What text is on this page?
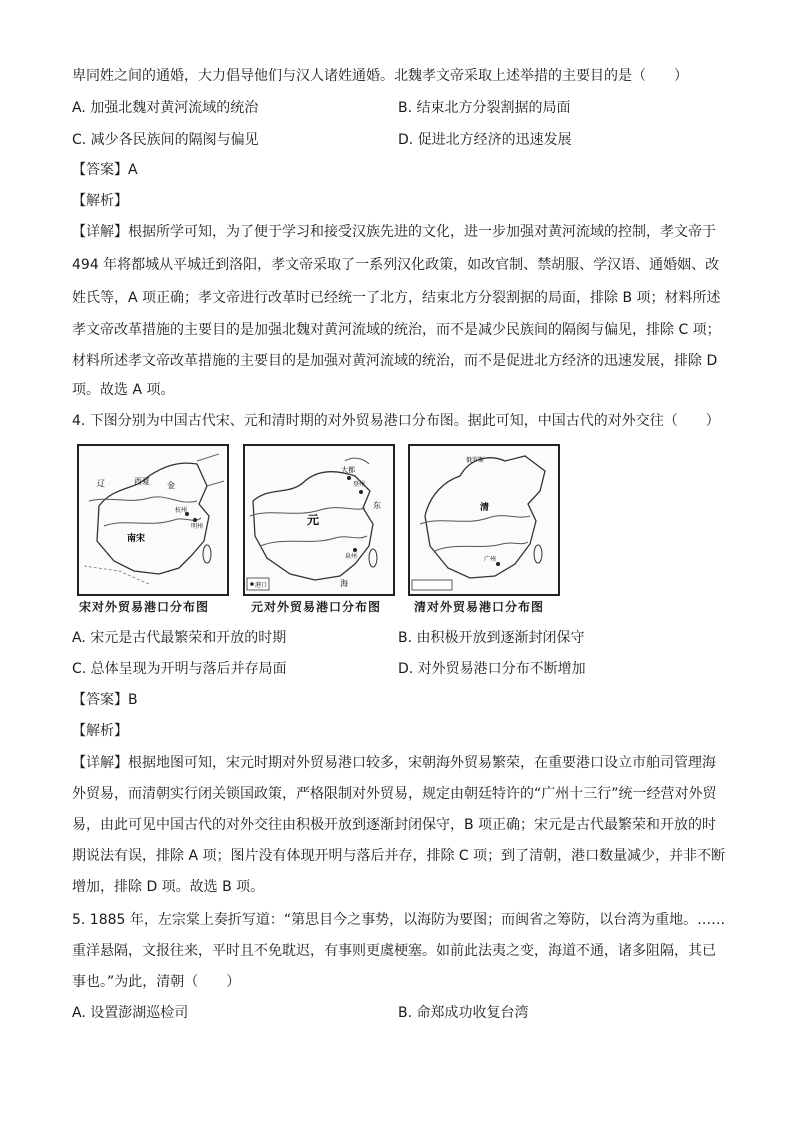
卑同姓之间的通婚，大力倡导他们与汉人诸姓通婚。北魏孝文帝采取上述举措的主要目的是（　　）
A. 加强北魏对黄河流域的统治	B. 结束北方分裂割据的局面
C. 减少各民族间的隔阂与偏见	D. 促进北方经济的迅速发展
【答案】A
【解析】
【详解】根据所学可知，为了便于学习和接受汉族先进的文化，进一步加强对黄河流域的控制，孝文帝于
494 年将都城从平城迁到洛阳，孝文帝采取了一系列汉化政策，如改官制、禁胡服、学汉语、通婚姻、改
姓氏等，A 项正确；孝文帝进行改革时已经统一了北方，结束北方分裂割据的局面，排除 B 项；材料所述
孝文帝改革措施的主要目的是加强北魏对黄河流域的统治，而不是减少民族间的隔阂与偏见，排除 C 项；
材料所述孝文帝改革措施的主要目的是加强对黄河流域的统治，而不是促进北方经济的迅速发展，排除 D
项。故选 A 项。
4. 下图分别为中国古代宋、元和清时期的对外贸易港口分布图。据此可知，中国古代的对外交往（　　）
辽	西夏
南宋
金
杭州
明州
宋对外贸易港口分布图
大都
登州
元
东
泉州
港口	海
元对外贸易港口分布图
清
广州
俄罗斯
清对外贸易港口分布图
A. 宋元是古代最繁荣和开放的时期	B. 由积极开放到逐渐封闭保守
C. 总体呈现为开明与落后并存局面	D. 对外贸易港口分布不断增加
【答案】B
【解析】
【详解】根据地图可知，宋元时期对外贸易港口较多，宋朝海外贸易繁荣，在重要港口设立市舶司管理海
外贸易，而清朝实行闭关锁国政策，严格限制对外贸易，规定由朝廷特许的“广州十三行”统一经营对外贸
易，由此可见中国古代的对外交往由积极开放到逐渐封闭保守，B 项正确；宋元是古代最繁荣和开放的时
期说法有误，排除 A 项；图片没有体现开明与落后并存，排除 C 项；到了清朝，港口数量减少，并非不断
增加，排除 D 项。故选 B 项。
5. 1885 年，左宗棠上奏折写道：“第思目今之事势，以海防为要图；而闽省之筹防，以台湾为重地。……
重洋悬隔，文报往来，平时且不免耽迟，有事则更虞梗塞。如前此法夷之变，海道不通，诸多阻隔，其已
事也。”为此，清朝（　　）
A. 设置澎湖巡检司	B. 命郑成功收复台湾
